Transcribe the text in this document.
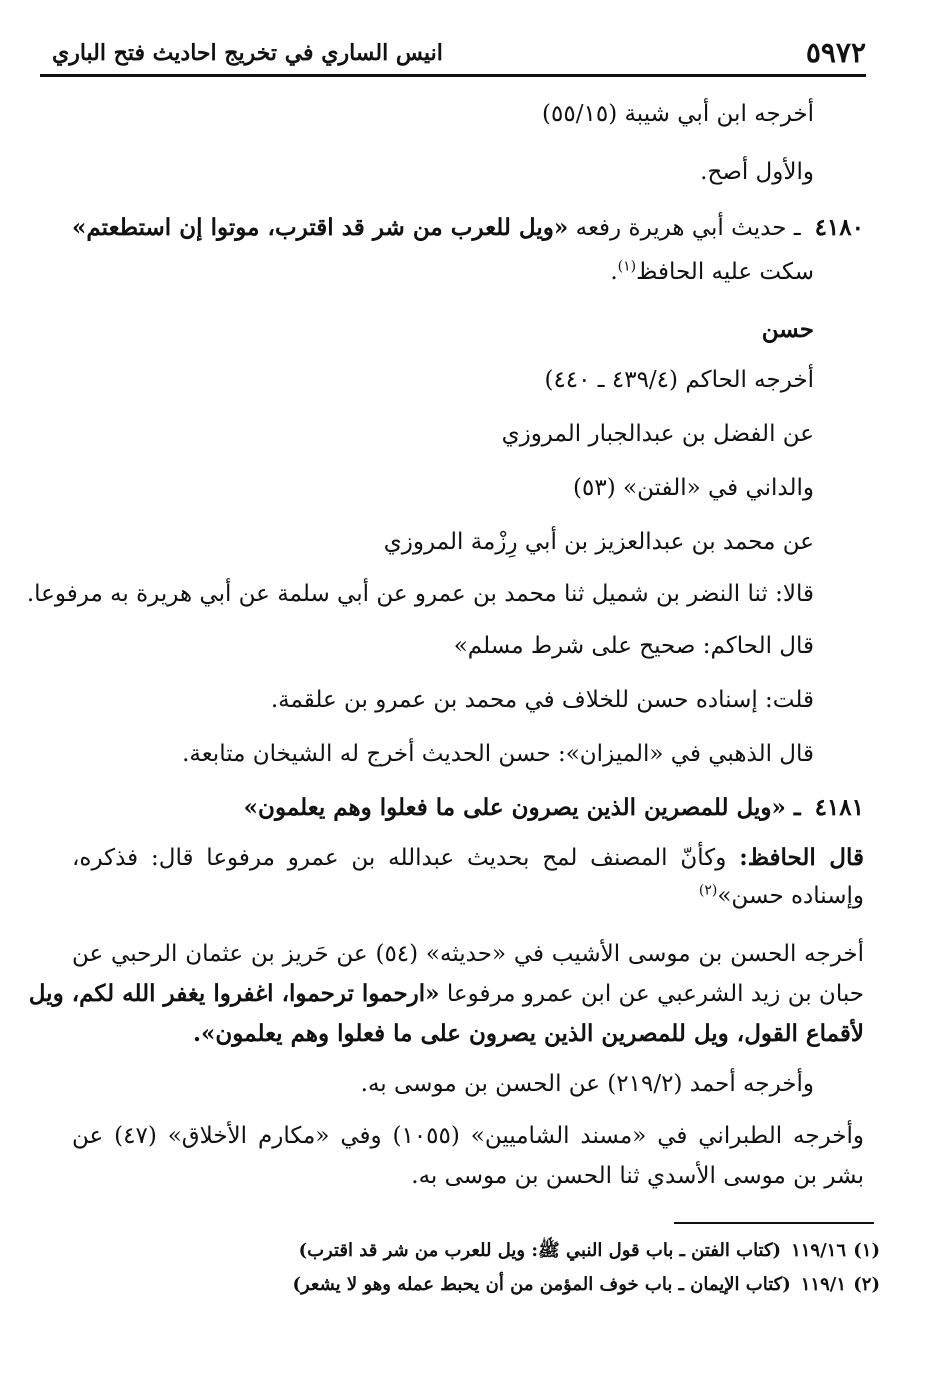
٥٩٧٢
انيس الساري في تخريج احاديث فتح الباري
أخرجه ابن أبي شيبة (٥٥/١٥)
والأول أصح.
٤١٨٠ـ حديث أبي هريرة رفعه «ويل للعرب من شر قد اقترب، موتوا إن استطعتم»
سكت عليه الحافظ$^{(١)}$.
حسن
أخرجه الحاكم (٤٣٩/٤ ـ ٤٤٠)
عن الفضل بن عبدالجبار المروزي
والداني في «الفتن» (٥٣)
عن محمد بن عبدالعزيز بن أبي رِزْمة المروزي
قالا: ثنا النضر بن شميل ثنا محمد بن عمرو عن أبي سلمة عن أبي هريرة به مرفوعا.
قال الحاكم: صحيح على شرط مسلم»
قلت: إسناده حسن للخلاف في محمد بن عمرو بن علقمة.
قال الذهبي في «الميزان»: حسن الحديث أخرج له الشيخان متابعة.
٤١٨١ـ «ويل للمصرين الذين يصرون على ما فعلوا وهم يعلمون»
قال الحافظ: وكأنّ المصنف لمح بحديث عبدالله بن عمرو مرفوعا قال: فذكره،
وإسناده حسن»$^{(٢)}$
أخرجه الحسن بن موسى الأشيب في «حديثه» (٥٤) عن حَريز بن عثمان الرحبي عن
حبان بن زيد الشرعبي عن ابن عمرو مرفوعا «ارحموا ترحموا، اغفروا يغفر الله لكم، ويل
لأقماع القول، ويل للمصرين الذين يصرون على ما فعلوا وهم يعلمون».
وأخرجه أحمد (٢١٩/٢) عن الحسن بن موسى به.
وأخرجه الطبراني في «مسند الشاميين» (١٠٥٥) وفي «مكارم الأخلاق» (٤٧) عن
بشر بن موسى الأسدي ثنا الحسن بن موسى به.
(١)١١٩/١٦(كتاب الفتن ـ باب قول النبي ﷺ: ويل للعرب من شر قد اقترب)
(٢)١١٩/١(كتاب الإيمان ـ باب خوف المؤمن من أن يحبط عمله وهو لا يشعر)
